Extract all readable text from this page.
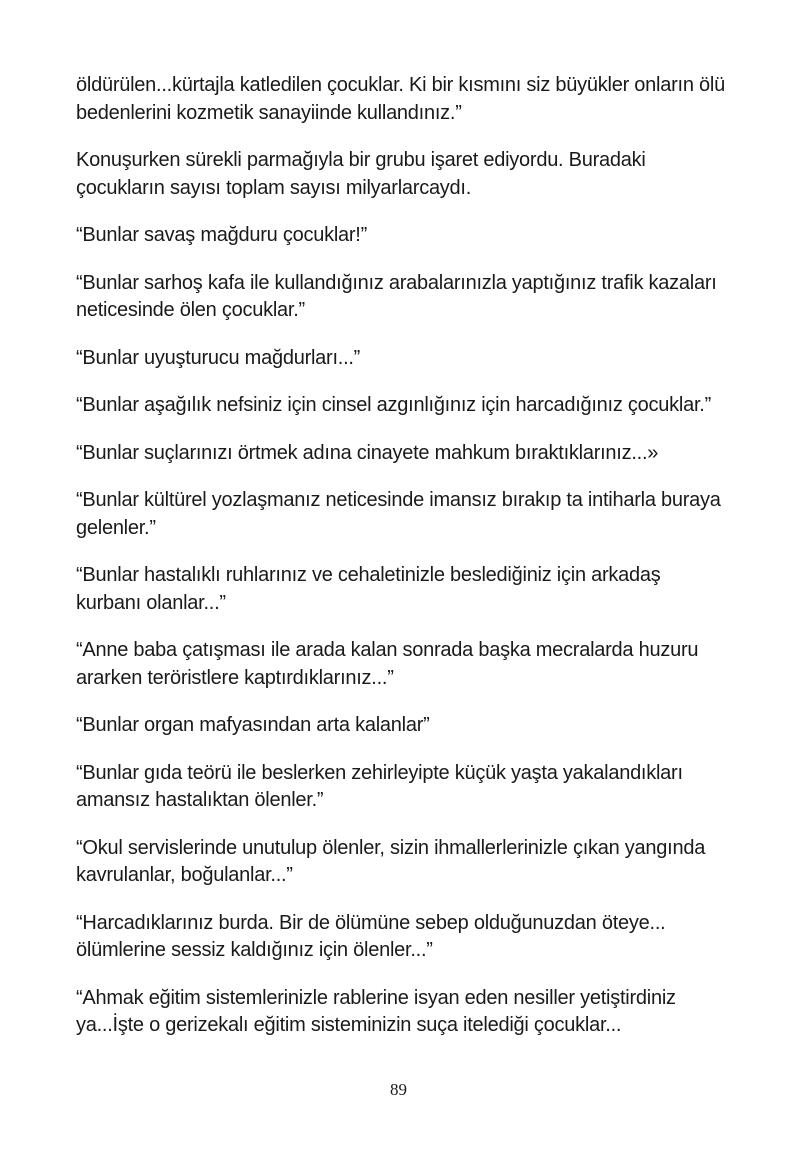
öldürülen...kürtajla katledilen çocuklar. Ki bir kısmını siz büyükler onların ölü bedenlerini kozmetik sanayiinde kullandınız.”

Konuşurken sürekli parmağıyla bir grubu işaret ediyordu. Buradaki çocukların sayısı toplam sayısı milyarlarcaydı.

“Bunlar savaş mağduru çocuklar!”

“Bunlar sarhoş kafa ile kullandığınız arabalarınızla yaptığınız trafik kazaları neticesinde ölen çocuklar.”

“Bunlar uyuşturucu mağdurları...”

“Bunlar aşağılık nefsiniz için cinsel azgınlığınız için harcadığınız çocuklar.”

“Bunlar suçlarınızı örtmek adına cinayete mahkum bıraktıklarınız...»

“Bunlar kültürel yozlaşmanız neticesinde imansız bırakıp ta intiharla buraya gelenler.”

“Bunlar hastalıklı ruhlarınız ve cehaletinizle beslediğiniz için arkadaş kurbanı olanlar...”

“Anne baba çatışması ile arada kalan sonrada başka mecralarda huzuru ararken teröristlere kaptırdıklarınız...”

“Bunlar organ mafyasından arta kalanlar”

“Bunlar gıda teörü ile beslerken zehirleyipte küçük yaşta yakalandıkları amansız hastalıktan ölenler.”

“Okul servislerinde unutulup ölenler, sizin ihmallerlerinizle çıkan yangında kavrulanlar, boğulanlar...”

“Harcadıklarınız burda. Bir de ölümüne sebep olduğunuzdan öteye... ölümlerine sessiz kaldığınız için ölenler...”

“Ahmak eğitim sistemlerinizle rablerine isyan eden nesiller yetiştirdiniz ya...İşte o gerizekalı eğitim sisteminizin suça itelediği çocuklar...

89
